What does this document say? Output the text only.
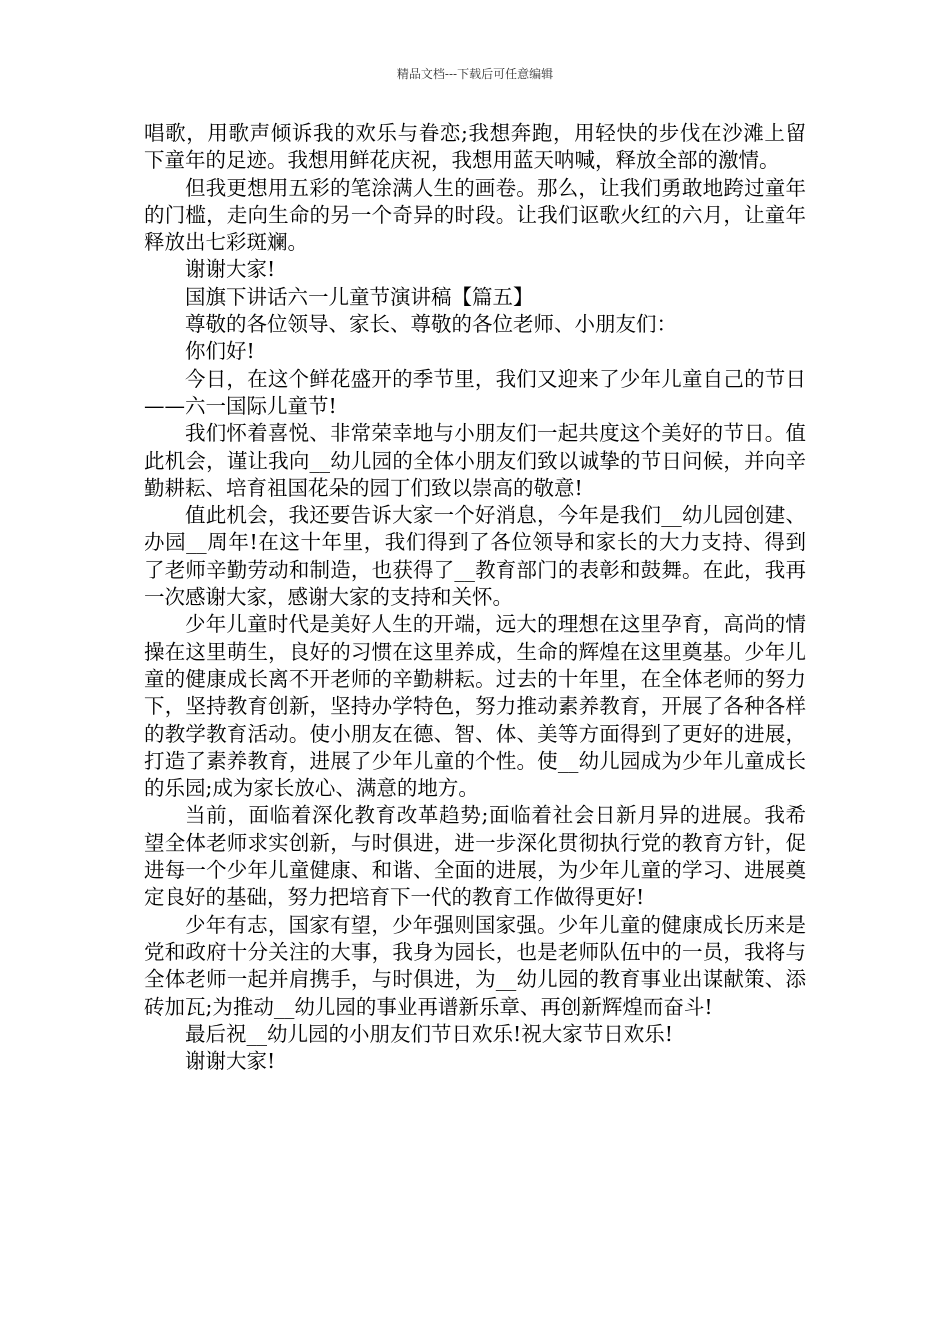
精品文档---下载后可任意编辑

唱歌，用歌声倾诉我的欢乐与眷恋;我想奔跑，用轻快的步伐在沙滩上留下童年的足迹。我想用鲜花庆祝，我想用蓝天呐喊，释放全部的激情。

但我更想用五彩的笔涂满人生的画卷。那么，让我们勇敢地跨过童年的门槛，走向生命的另一个奇异的时段。让我们讴歌火红的六月，让童年释放出七彩斑斓。

谢谢大家!

国旗下讲话六一儿童节演讲稿【篇五】

尊敬的各位领导、家长、尊敬的各位老师、小朋友们：

你们好!

今日，在这个鲜花盛开的季节里，我们又迎来了少年儿童自己的节日——六一国际儿童节!

我们怀着喜悦、非常荣幸地与小朋友们一起共度这个美好的节日。值此机会，谨让我向__幼儿园的全体小朋友们致以诚挚的节日问候，并向辛勤耕耘、培育祖国花朵的园丁们致以崇高的敬意!

值此机会，我还要告诉大家一个好消息，今年是我们__幼儿园创建、办园__周年!在这十年里，我们得到了各位领导和家长的大力支持、得到了老师辛勤劳动和制造，也获得了__教育部门的表彰和鼓舞。在此，我再一次感谢大家，感谢大家的支持和关怀。

少年儿童时代是美好人生的开端，远大的理想在这里孕育，高尚的情操在这里萌生，良好的习惯在这里养成，生命的辉煌在这里奠基。少年儿童的健康成长离不开老师的辛勤耕耘。过去的十年里，在全体老师的努力下，坚持教育创新，坚持办学特色，努力推动素养教育，开展了各种各样的教学教育活动。使小朋友在德、智、体、美等方面得到了更好的进展，打造了素养教育，进展了少年儿童的个性。使__幼儿园成为少年儿童成长的乐园;成为家长放心、满意的地方。

当前，面临着深化教育改革趋势;面临着社会日新月异的进展。我希望全体老师求实创新，与时俱进，进一步深化贯彻执行党的教育方针，促进每一个少年儿童健康、和谐、全面的进展，为少年儿童的学习、进展奠定良好的基础，努力把培育下一代的教育工作做得更好!

少年有志，国家有望，少年强则国家强。少年儿童的健康成长历来是党和政府十分关注的大事，我身为园长，也是老师队伍中的一员，我将与全体老师一起并肩携手，与时俱进，为__幼儿园的教育事业出谋献策、添砖加瓦;为推动__幼儿园的事业再谱新乐章、再创新辉煌而奋斗!

最后祝__幼儿园的小朋友们节日欢乐!祝大家节日欢乐!

谢谢大家!
